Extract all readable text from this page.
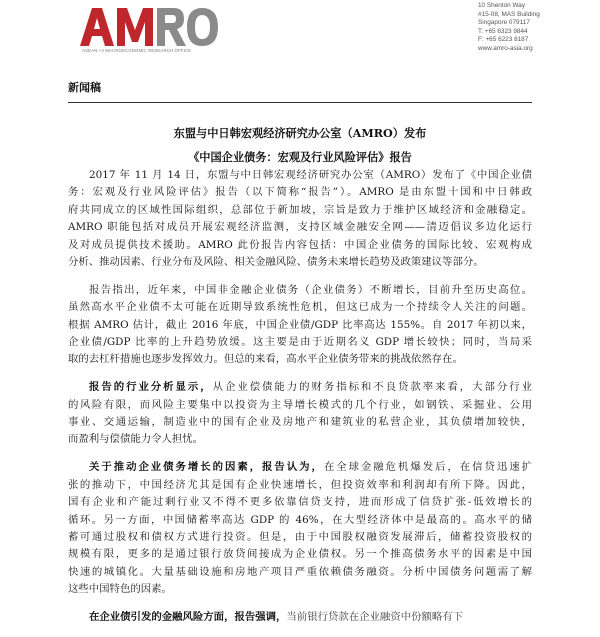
ASEAN +3 MACROECONOMIC RESEARCH OFFICE
10 Shenton Way
#15-08, MAS Building
Singapore 079117
T: +65 6323 9844
F: +65 6223 8187
www.amro-asia.org
新闻稿
东盟与中日韩宏观经济研究办公室（AMRO）发布
《中国企业债务：宏观及行业风险评估》报告

2017 年 11 月 14 日，东盟与中日韩宏观经济研究办公室（AMRO）发布了《中国企业债
务：宏观及行业风险评估》报告（以下简称“报告”）。AMRO 是由东盟十国和中日韩政
府共同成立的区域性国际组织，总部位于新加坡，宗旨是致力于维护区域经济和金融稳定。
AMRO 职能包括对成员开展宏观经济监测，支持区域金融安全网——清迈倡议多边化运行
及对成员提供技术援助。AMRO 此份报告内容包括：中国企业债务的国际比较、宏观构成
分析、推动因素、行业分布及风险、相关金融风险、债务未来增长趋势及政策建议等部分。

报告指出，近年来，中国非金融企业债务（企业债务）不断增长，目前升至历史高位。
虽然高水平企业债不太可能在近期导致系统性危机，但这已成为一个持续令人关注的问题。
根据 AMRO 估计，截止 2016 年底，中国企业债/GDP 比率高达 155%。自 2017 年初以来，
企业债/GDP 比率的上升趋势放缓。这主要是由于近期名义 GDP 增长较快；同时，当局采
取的去杠杆措施也逐步发挥效力。但总的来看，高水平企业债务带来的挑战依然存在。

报告的行业分析显示，从企业偿债能力的财务指标和不良贷款率来看，大部分行业
的风险有限，而风险主要集中以投资为主导增长模式的几个行业，如钢铁、采掘业、公用
事业、交通运输，制造业中的国有企业及房地产和建筑业的私营企业，其负债增加较快，
而盈利与偿债能力令人担忧。

关于推动企业债务增长的因素，报告认为，在全球金融危机爆发后，在信贷迅速扩
张的推动下，中国经济尤其是国有企业快速增长，但投资效率和利润却有所下降。因此，
国有企业和产能过剩行业又不得不更多依靠信贷支持，进而形成了信贷扩张-低效增长的
循环。另一方面，中国储蓄率高达 GDP 的 46%，在大型经济体中是最高的。高水平的储
蓄可通过股权和债权方式进行投资。但是，由于中国股权融资发展滞后，储蓄投资股权的
规模有限，更多的是通过银行放贷间接成为企业债权。另一个推高债务水平的因素是中国
快速的城镇化。大量基础设施和房地产项目严重依赖债务融资。分析中国债务问题需了解
这些中国特色的因素。

在企业债引发的金融风险方面，报告强调，当前银行贷款在企业融资中份额略有下
